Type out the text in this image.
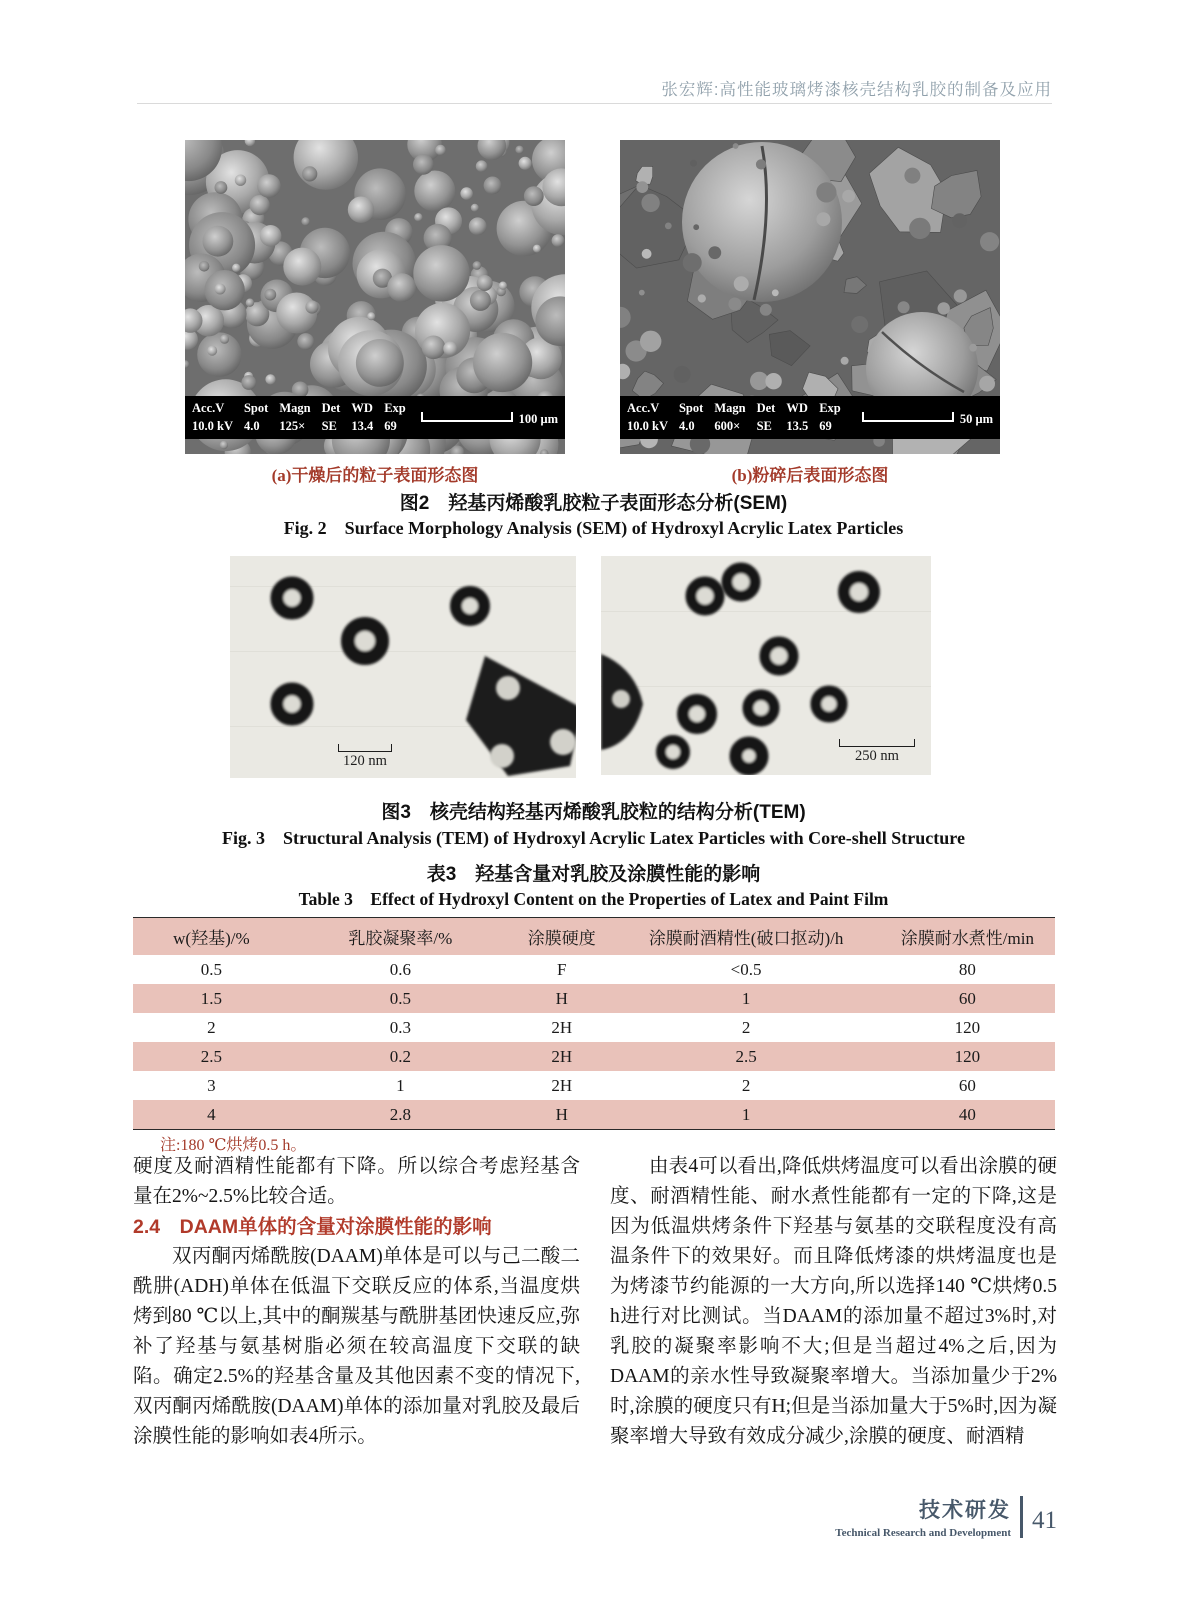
张宏辉:高性能玻璃烤漆核壳结构乳胶的制备及应用
Acc.V
10.0 kV
Spot
4.0
Magn
125×
Det
SE
WD
13.4
Exp
69	100 μm
Acc.V
10.0 kV
Spot
4.0
Magn
600×
Det
SE
WD
13.5
Exp
69	50 μm
(a)干燥后的粒子表面形态图	(b)粉碎后表面形态图
图2　羟基丙烯酸乳胶粒子表面形态分析(SEM)
Fig. 2　Surface Morphology Analysis (SEM) of Hydroxyl Acrylic Latex Particles
120 nm	250 nm
图3　核壳结构羟基丙烯酸乳胶粒的结构分析(TEM)
Fig. 3　Structural Analysis (TEM) of Hydroxyl Acrylic Latex Particles with Core-shell Structure
表3　羟基含量对乳胶及涂膜性能的影响
Table 3　Effect of Hydroxyl Content on the Properties of Latex and Paint Film
w(羟基)/%	乳胶凝聚率/%	涂膜硬度	涂膜耐酒精性(破口抠动)/h	涂膜耐水煮性/min
0.5	0.6	F	<0.5	80
1.5	0.5	H	1	60
2	0.3	2H	2	120
2.5	0.2	2H	2.5	120
3	1	2H	2	60
4	2.8	H	1	40
注:180 ℃烘烤0.5 h。

硬度及耐酒精性能都有下降。所以综合考虑羟基含量在2%~2.5%比较合适。

2.4　DAAM单体的含量对涂膜性能的影响

双丙酮丙烯酰胺(DAAM)单体是可以与己二酸二酰肼(ADH)单体在低温下交联反应的体系,当温度烘烤到80 ℃以上,其中的酮羰基与酰肼基团快速反应,弥补了羟基与氨基树脂必须在较高温度下交联的缺陷。确定2.5%的羟基含量及其他因素不变的情况下,双丙酮丙烯酰胺(DAAM)单体的添加量对乳胶及最后涂膜性能的影响如表4所示。

由表4可以看出,降低烘烤温度可以看出涂膜的硬度、耐酒精性能、耐水煮性能都有一定的下降,这是因为低温烘烤条件下羟基与氨基的交联程度没有高温条件下的效果好。而且降低烤漆的烘烤温度也是为烤漆节约能源的一大方向,所以选择140 ℃烘烤0.5 h进行对比测试。当DAAM的添加量不超过3%时,对乳胶的凝聚率影响不大;但是当超过4%之后,因为DAAM的亲水性导致凝聚率增大。当添加量少于2%时,涂膜的硬度只有H;但是当添加量大于5%时,因为凝聚率增大导致有效成分减少,涂膜的硬度、耐酒精

技术研发
Technical Research and Development 41
